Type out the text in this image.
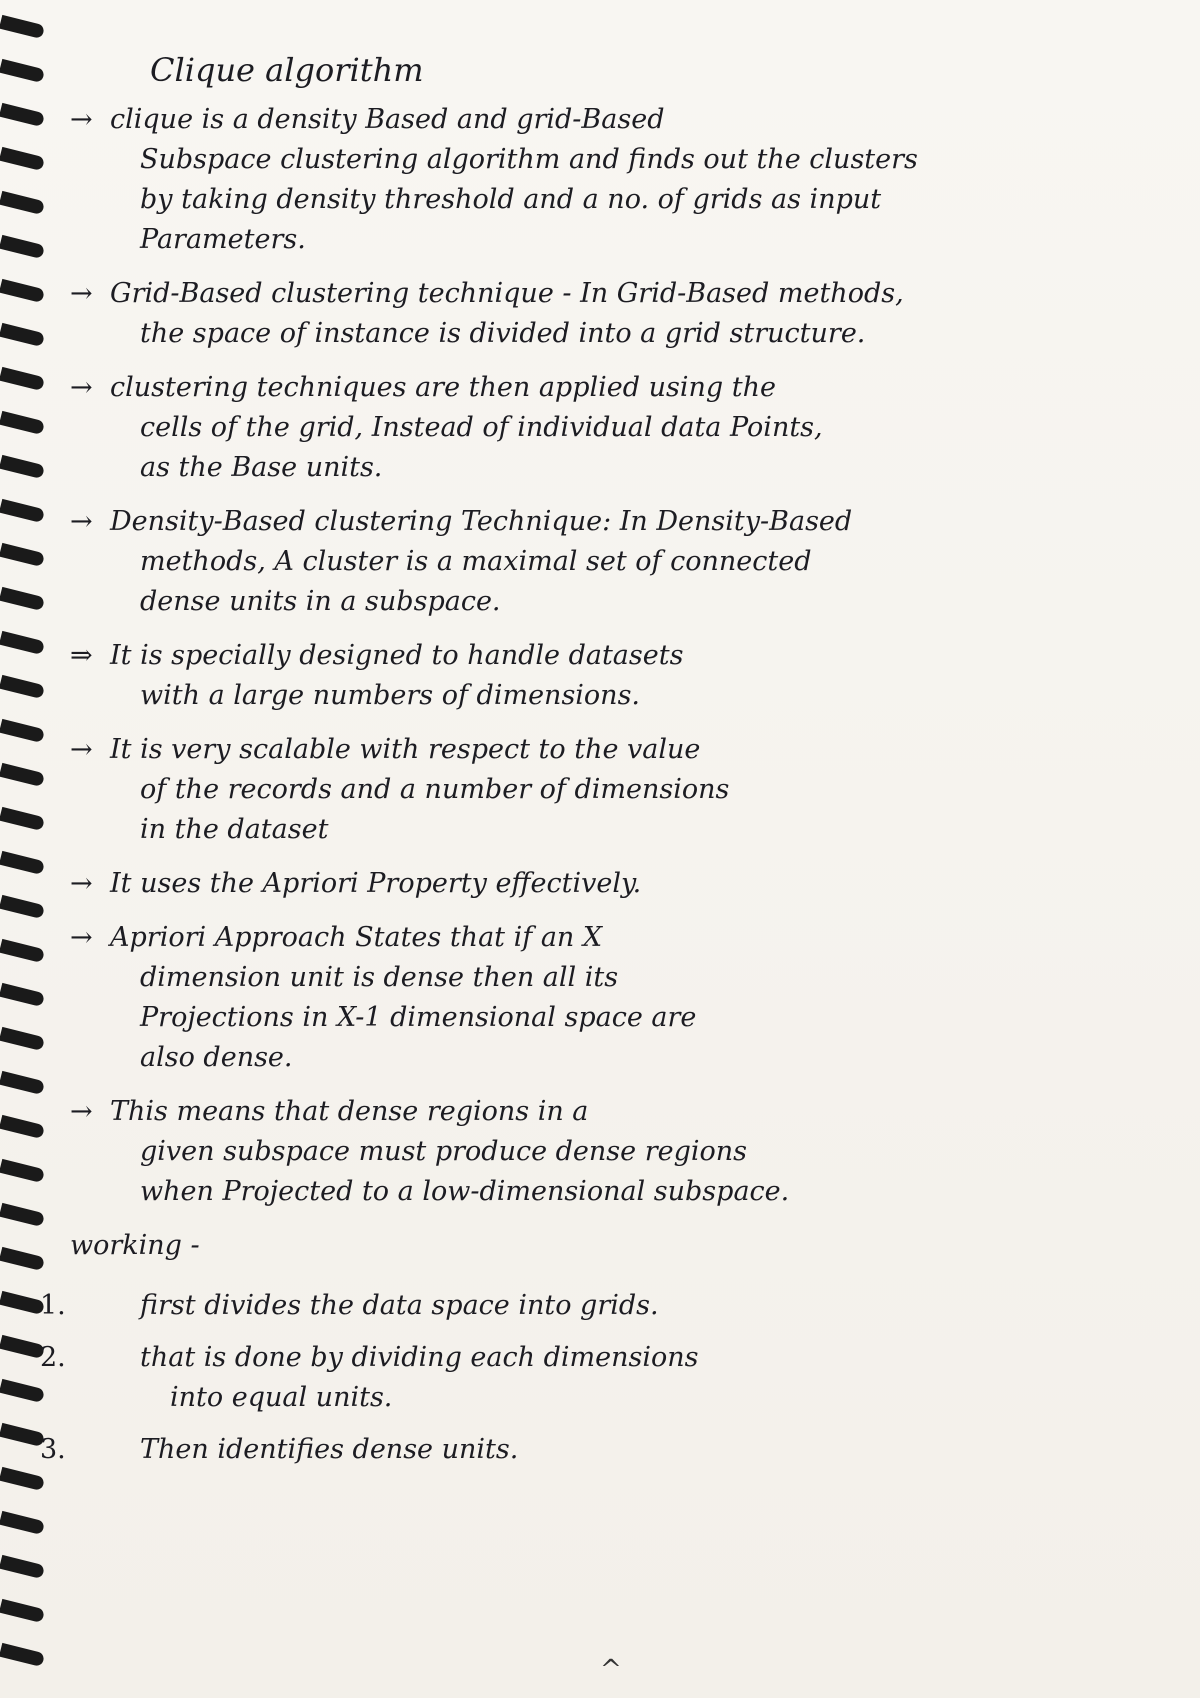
Clique algorithm
→ clique is a density Based and grid-Based
Subspace clustering algorithm and finds out the clusters
by taking density threshold and a no. of grids as input
Parameters.
→ Grid-Based clustering technique - In Grid-Based methods,
the space of instance is divided into a grid structure.
→ clustering techniques are then applied using the
cells of the grid, Instead of individual data Points,
as the Base units.
→ Density-Based clustering Technique: In Density-Based
methods, A cluster is a maximal set of connected
dense units in a subspace.
⇒ It is specially designed to handle datasets
with a large numbers of dimensions.
→ It is very scalable with respect to the value
of the records and a number of dimensions
in the dataset
→ It uses the Apriori Property effectively.
→ Apriori Approach States that if an X
dimension unit is dense then all its
Projections in X-1 dimensional space are
also dense.
→ This means that dense regions in a
given subspace must produce dense regions
when Projected to a low-dimensional subspace.
working -
1.	first divides the data space into grids.
2.	that is done by dividing each dimensions
into equal units.
3.	Then identifies dense units.
^
